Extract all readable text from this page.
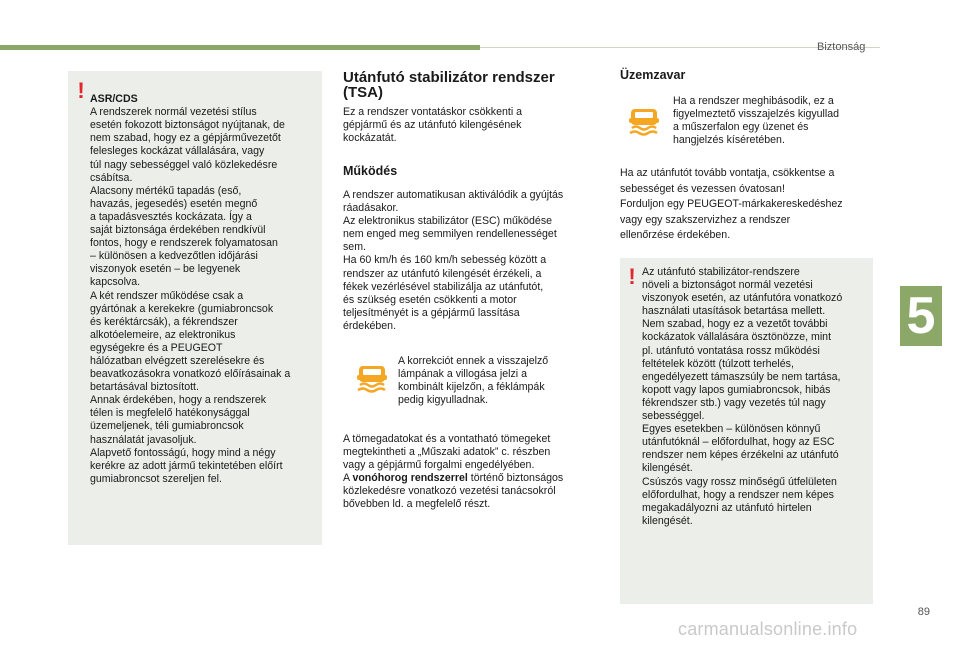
Biztonság
5
! ASR/CDS
A rendszerek normál vezetési stílus
esetén fokozott biztonságot nyújtanak, de
nem szabad, hogy ez a gépjárművezetőt
felesleges kockázat vállalására, vagy
túl nagy sebességgel való közlekedésre
csábítsa.
Alacsony mértékű tapadás (eső,
havazás, jegesedés) esetén megnő
a tapadásvesztés kockázata. Így a
saját biztonsága érdekében rendkívül
fontos, hogy e rendszerek folyamatosan
– különösen a kedvezőtlen időjárási
viszonyok esetén – be legyenek
kapcsolva.
A két rendszer működése csak a
gyártónak a kerekekre (gumiabroncsok
és keréktárcsák), a fékrendszer
alkotóelemeire, az elektronikus
egységekre és a PEUGEOT
hálózatban elvégzett szerelésekre és
beavatkozásokra vonatkozó előírásainak a
betartásával biztosított.
Annak érdekében, hogy a rendszerek
télen is megfelelő hatékonysággal
üzemeljenek, téli gumiabroncsok
használatát javasoljuk.
Alapvető fontosságú, hogy mind a négy
kerékre az adott jármű tekintetében előírt
gumiabroncsot szereljen fel.

Utánfutó stabilizátor rendszer
(TSA)
Ez a rendszer vontatáskor csökkenti a
gépjármű és az utánfutó kilengésének
kockázatát.
Működés
A rendszer automatikusan aktiválódik a gyújtás
ráadásakor.
Az elektronikus stabilizátor (ESC) működése
nem enged meg semmilyen rendellenességet
sem.
Ha 60 km/h és 160 km/h sebesség között a
rendszer az utánfutó kilengését érzékeli, a
fékek vezérlésével stabilizálja az utánfutót,
és szükség esetén csökkenti a motor
teljesítményét is a gépjármű lassítása
érdekében.
A korrekciót ennek a visszajelző
lámpának a villogása jelzi a
kombinált kijelzőn, a féklámpák
pedig kigyulladnak.
A tömegadatokat és a vontatható tömegeket
megtekintheti a „Műszaki adatok” c. részben
vagy a gépjármű forgalmi engedélyében.
A vonóhorog rendszerrel történő biztonságos
közlekedésre vonatkozó vezetési tanácsokról
bővebben ld. a megfelelő részt.
Üzemzavar
Ha a rendszer meghibásodik, ez a
figyelmeztető visszajelzés kigyullad
a műszerfalon egy üzenet és
hangjelzés kíséretében.
Ha az utánfutót tovább vontatja, csökkentse a
sebességet és vezessen óvatosan!
Forduljon egy PEUGEOT-márkakereskedéshez
vagy egy szakszervizhez a rendszer
ellenőrzése érdekében.
! Az utánfutó stabilizátor-rendszere
növeli a biztonságot normál vezetési
viszonyok esetén, az utánfutóra vonatkozó
használati utasítások betartása mellett.
Nem szabad, hogy ez a vezetőt további
kockázatok vállalására ösztönözze, mint
pl. utánfutó vontatása rossz működési
feltételek között (túlzott terhelés,
engedélyezett támaszsúly be nem tartása,
kopott vagy lapos gumiabroncsok, hibás
fékrendszer stb.) vagy vezetés túl nagy
sebességgel.
Egyes esetekben – különösen könnyű
utánfutóknál – előfordulhat, hogy az ESC
rendszer nem képes érzékelni az utánfutó
kilengését.
Csúszós vagy rossz minőségű útfelületen
előfordulhat, hogy a rendszer nem képes
megakadályozni az utánfutó hirtelen
kilengését.
89
carmanualsonline.info
